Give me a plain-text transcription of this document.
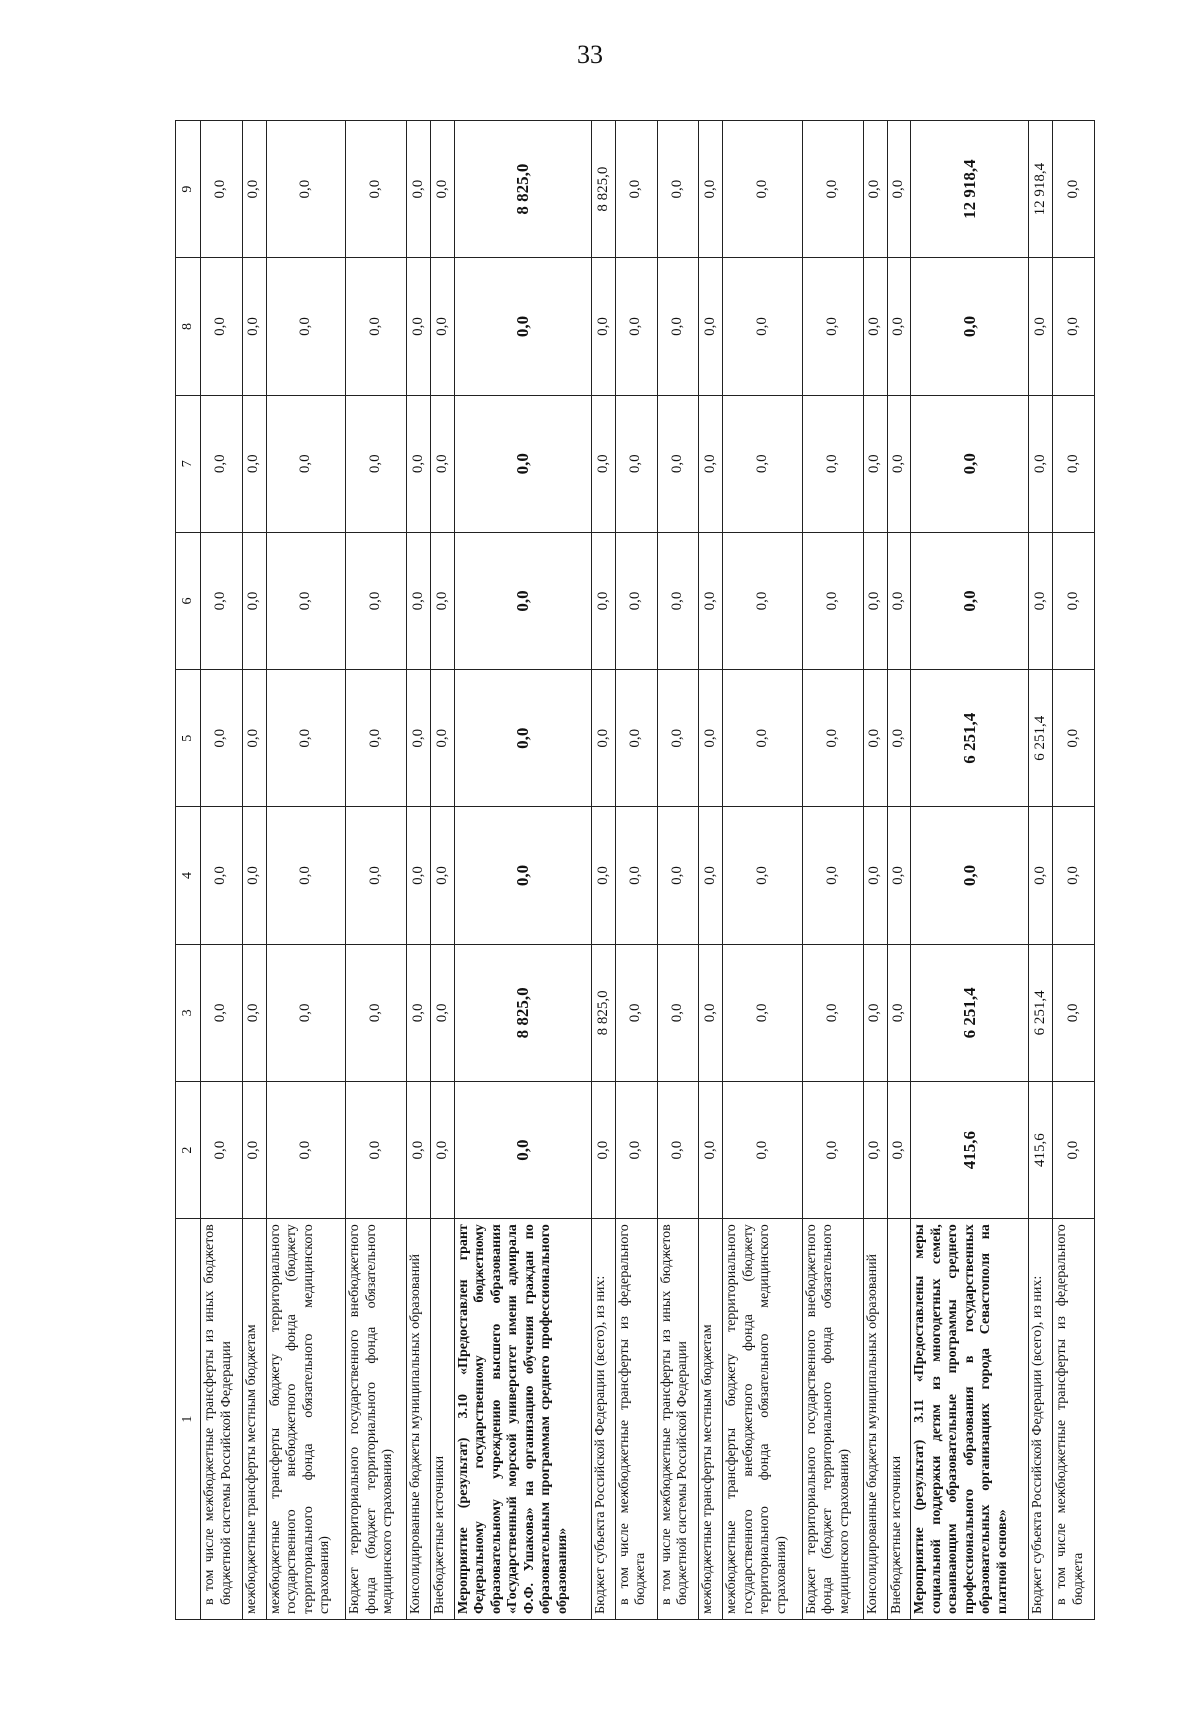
33
1	2	3	4	5	6	7	8	9
в том числе межбюджетные трансферты из иных бюджетов бюджетной системы Российской Федерации	0,0	0,0	0,0	0,0	0,0	0,0	0,0	0,0
межбюджетные трансферты местным бюджетам	0,0	0,0	0,0	0,0	0,0	0,0	0,0	0,0
межбюджетные трансферты бюджету территориального государственного внебюджетного фонда (бюджету территориального фонда обязательного медицинского страхования)	0,0	0,0	0,0	0,0	0,0	0,0	0,0	0,0
Бюджет территориального государственного внебюджетного фонда (бюджет территориального фонда обязательного медицинского страхования)	0,0	0,0	0,0	0,0	0,0	0,0	0,0	0,0
Консолидированные бюджеты муниципальных образований	0,0	0,0	0,0	0,0	0,0	0,0	0,0	0,0
Внебюджетные источники	0,0	0,0	0,0	0,0	0,0	0,0	0,0	0,0
Мероприятие (результат) 3.10 «Предоставлен грант Федеральному государственному бюджетному образовательному учреждению высшего образования «Государственный морской университет имени адмирала Ф.Ф. Ушакова» на организацию обучения граждан по образовательным программам среднего профессионального образования»	0,0	8 825,0	0,0	0,0	0,0	0,0	0,0	8 825,0
Бюджет субъекта Российской Федерации (всего), из них:	0,0	8 825,0	0,0	0,0	0,0	0,0	0,0	8 825,0
в том числе межбюджетные трансферты из федерального бюджета	0,0	0,0	0,0	0,0	0,0	0,0	0,0	0,0
в том числе межбюджетные трансферты из иных бюджетов бюджетной системы Российской Федерации	0,0	0,0	0,0	0,0	0,0	0,0	0,0	0,0
межбюджетные трансферты местным бюджетам	0,0	0,0	0,0	0,0	0,0	0,0	0,0	0,0
межбюджетные трансферты бюджету территориального государственного внебюджетного фонда (бюджету территориального фонда обязательного медицинского страхования)	0,0	0,0	0,0	0,0	0,0	0,0	0,0	0,0
Бюджет территориального государственного внебюджетного фонда (бюджет территориального фонда обязательного медицинского страхования)	0,0	0,0	0,0	0,0	0,0	0,0	0,0	0,0
Консолидированные бюджеты муниципальных образований	0,0	0,0	0,0	0,0	0,0	0,0	0,0	0,0
Внебюджетные источники	0,0	0,0	0,0	0,0	0,0	0,0	0,0	0,0
Мероприятие (результат) 3.11 «Предоставлены меры социальной поддержки детям из многодетных семей, осваивающим образовательные программы среднего профессионального образования в государственных образовательных организациях города Севастополя на платной основе»	415,6	6 251,4	0,0	6 251,4	0,0	0,0	0,0	12 918,4
Бюджет субъекта Российской Федерации (всего), из них:	415,6	6 251,4	0,0	6 251,4	0,0	0,0	0,0	12 918,4
в том числе межбюджетные трансферты из федерального бюджета	0,0	0,0	0,0	0,0	0,0	0,0	0,0	0,0
